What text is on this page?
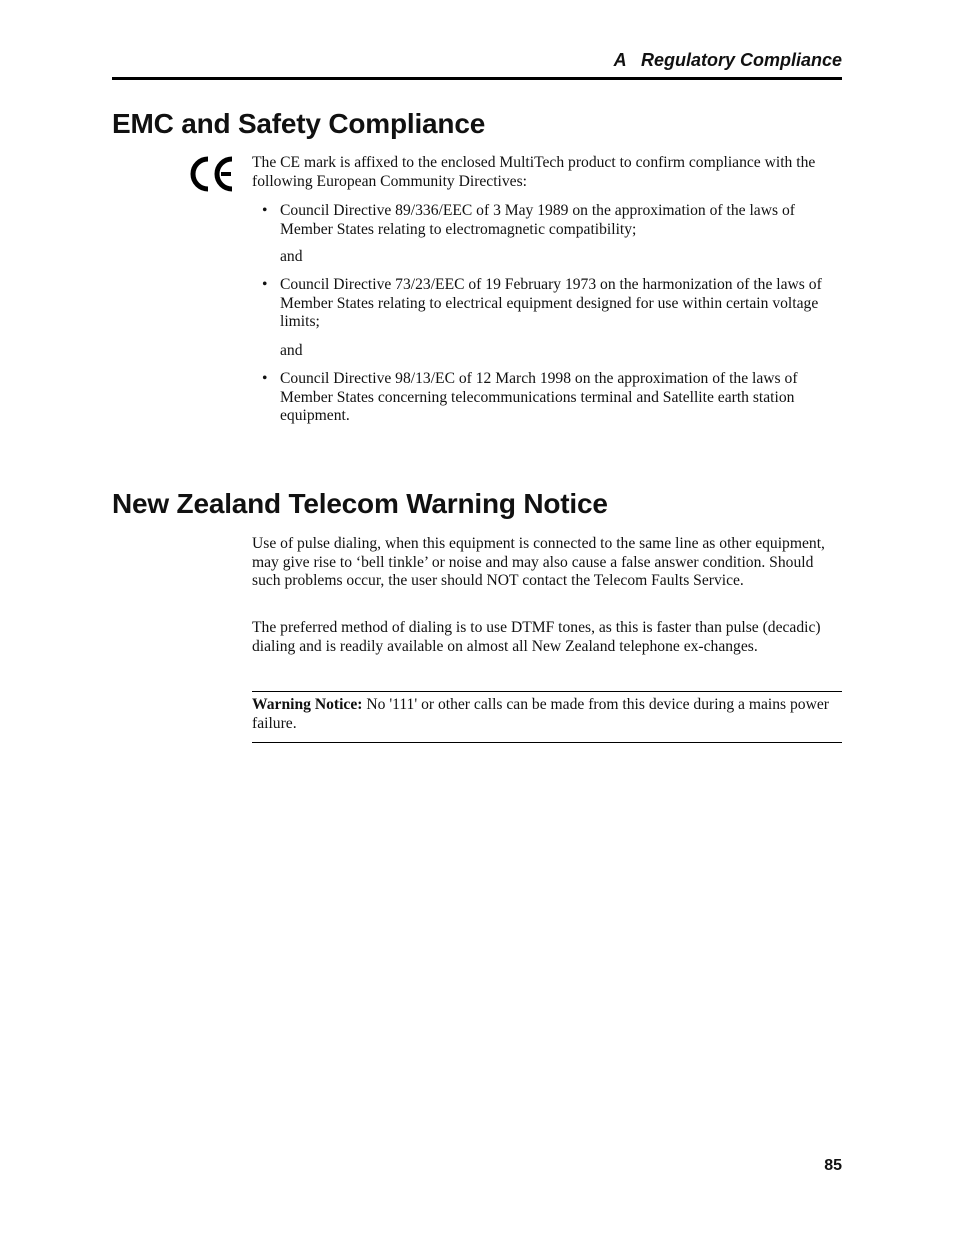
A   Regulatory Compliance
EMC and Safety Compliance

The CE mark is affixed to the enclosed MultiTech product to confirm compliance with the following European Community Directives:

• Council Directive 89/336/EEC of 3 May 1989 on the approximation of the laws of Member States relating to electromagnetic compatibility;
and
• Council Directive 73/23/EEC of 19 February 1973 on the harmonization of the laws of Member States relating to electrical equipment designed for use within certain voltage limits;
and
• Council Directive 98/13/EC of 12 March 1998 on the approximation of the laws of Member States concerning telecommunications terminal and Satellite earth station equipment.
New Zealand Telecom Warning Notice

Use of pulse dialing, when this equipment is connected to the same line as other equipment, may give rise to ‘bell tinkle’ or noise and may also cause a false answer condition. Should such problems occur, the user should NOT contact the Telecom Faults Service.

The preferred method of dialing is to use DTMF tones, as this is faster than pulse (decadic) dialing and is readily available on almost all New Zealand telephone ex-changes.

Warning Notice: No '111' or other calls can be made from this device during a mains power failure.
85
